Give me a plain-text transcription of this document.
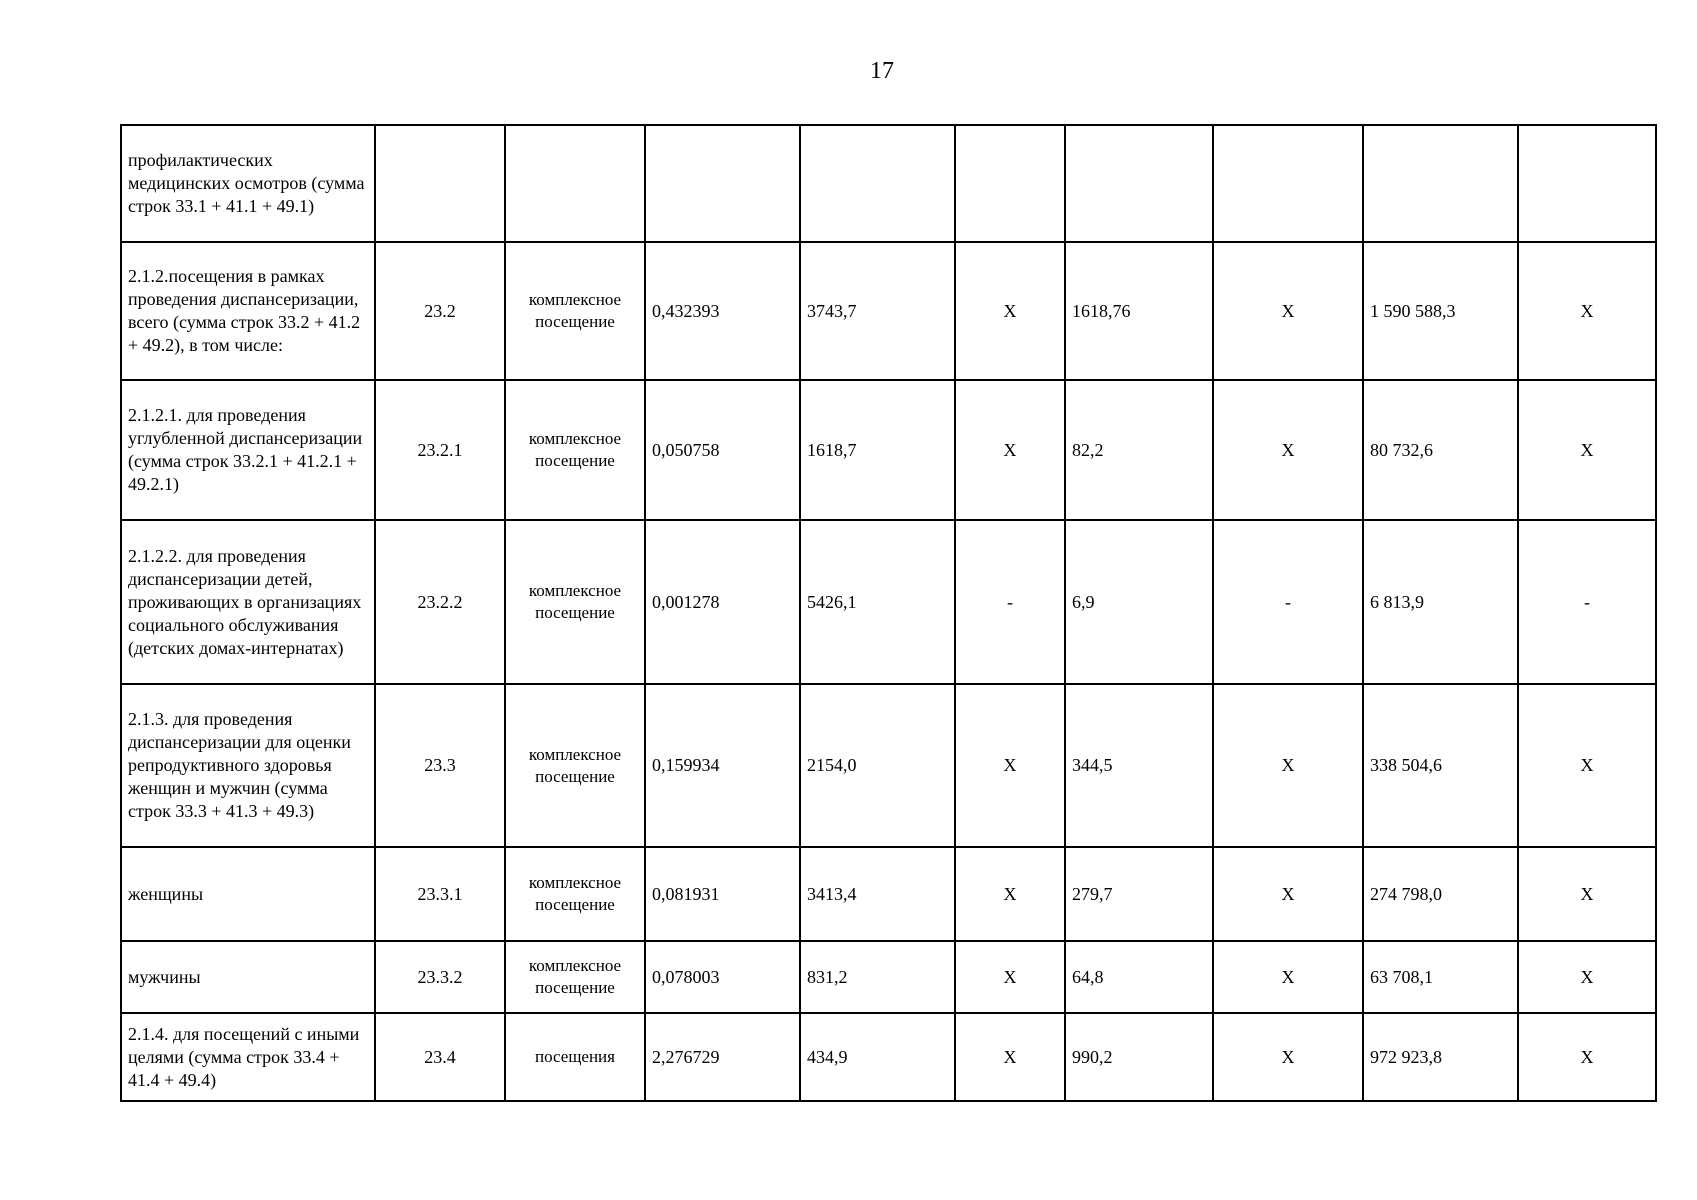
17
профилактических медицинских осмотров (сумма строк 33.1 + 41.1 + 49.1)									
2.1.2.посещения в рамках проведения диспансеризации, всего (сумма строк 33.2 + 41.2 + 49.2), в том числе:	23.2	комплексное посещение	0,432393	3743,7	Х	1618,76	Х	1 590 588,3	Х
2.1.2.1. для проведения углубленной диспансеризации (сумма строк 33.2.1 + 41.2.1 + 49.2.1)	23.2.1	комплексное посещение	0,050758	1618,7	Х	82,2	Х	80 732,6	Х
2.1.2.2. для проведения диспансеризации детей, проживающих в организациях социального обслуживания (детских домах-интернатах)	23.2.2	комплексное посещение	0,001278	5426,1	-	6,9	-	6 813,9	-
2.1.3. для проведения диспансеризации для оценки репродуктивного здоровья женщин и мужчин (сумма строк 33.3 + 41.3 + 49.3)	23.3	комплексное посещение	0,159934	2154,0	Х	344,5	Х	338 504,6	Х
женщины	23.3.1	комплексное посещение	0,081931	3413,4	Х	279,7	Х	274 798,0	Х
мужчины	23.3.2	комплексное посещение	0,078003	831,2	Х	64,8	Х	63 708,1	Х
2.1.4. для посещений с иными целями (сумма строк 33.4 + 41.4 + 49.4)	23.4	посещения	2,276729	434,9	Х	990,2	Х	972 923,8	Х
